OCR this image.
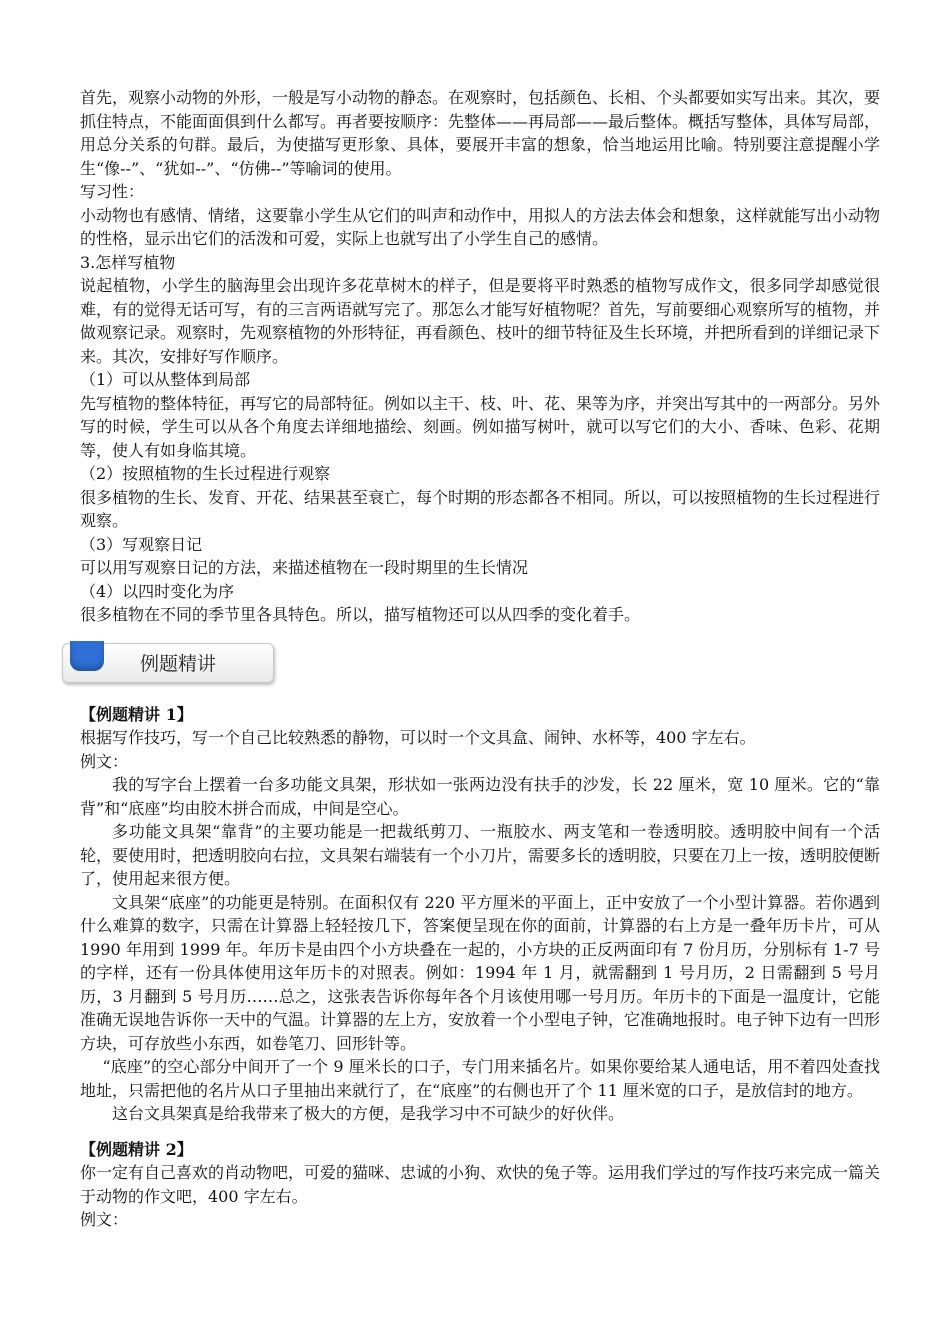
首先，观察小动物的外形，一般是写小动物的静态。在观察时，包括颜色、长相、个头都要如实写出来。其次，要抓住特点，不能面面俱到什么都写。再者要按顺序：先整体——再局部——最后整体。概括写整体，具体写局部，用总分关系的句群。最后，为使描写更形象、具体，要展开丰富的想象，恰当地运用比喻。特别要注意提醒小学生“像--”、“犹如--”、“仿佛--”等喻词的使用。

写习性：

小动物也有感情、情绪，这要靠小学生从它们的叫声和动作中，用拟人的方法去体会和想象，这样就能写出小动物的性格，显示出它们的活泼和可爱，实际上也就写出了小学生自己的感情。

3.怎样写植物

说起植物，小学生的脑海里会出现许多花草树木的样子，但是要将平时熟悉的植物写成作文，很多同学却感觉很难，有的觉得无话可写，有的三言两语就写完了。那怎么才能写好植物呢？首先，写前要细心观察所写的植物，并做观察记录。观察时，先观察植物的外形特征，再看颜色、枝叶的细节特征及生长环境，并把所看到的详细记录下来。其次，安排好写作顺序。

（1）可以从整体到局部

先写植物的整体特征，再写它的局部特征。例如以主干、枝、叶、花、果等为序，并突出写其中的一两部分。另外写的时候，学生可以从各个角度去详细地描绘、刻画。例如描写树叶，就可以写它们的大小、香味、色彩、花期等，使人有如身临其境。

（2）按照植物的生长过程进行观察

很多植物的生长、发育、开花、结果甚至衰亡，每个时期的形态都各不相同。所以，可以按照植物的生长过程进行观察。

（3）写观察日记

可以用写观察日记的方法，来描述植物在一段时期里的生长情况

（4）以四时变化为序

很多植物在不同的季节里各具特色。所以，描写植物还可以从四季的变化着手。

例题精讲

【例题精讲 1】

根据写作技巧，写一个自己比较熟悉的静物，可以时一个文具盒、闹钟、水杯等，400 字左右。

例文：

我的写字台上摆着一台多功能文具架，形状如一张两边没有扶手的沙发，长 22 厘米，宽 10 厘米。它的“靠背”和“底座”均由胶木拼合而成，中间是空心。

多功能文具架“靠背”的主要功能是一把裁纸剪刀、一瓶胶水、两支笔和一卷透明胶。透明胶中间有一个活轮，要使用时，把透明胶向右拉，文具架右端装有一个小刀片，需要多长的透明胶，只要在刀上一按，透明胶便断了，使用起来很方便。

文具架“底座”的功能更是特别。在面积仅有 220 平方厘米的平面上，正中安放了一个小型计算器。若你遇到什么难算的数字，只需在计算器上轻轻按几下，答案便呈现在你的面前，计算器的右上方是一叠年历卡片，可从 1990 年用到 1999 年。年历卡是由四个小方块叠在一起的，小方块的正反两面印有 7 份月历，分别标有 1-7 号的字样，还有一份具体使用这年历卡的对照表。例如：1994 年 1 月，就需翻到 1 号月历，2 日需翻到 5 号月历，3 月翻到 5 号月历……总之，这张表告诉你每年各个月该使用哪一号月历。年历卡的下面是一温度计，它能准确无误地告诉你一天中的气温。计算器的左上方，安放着一个小型电子钟，它准确地报时。电子钟下边有一凹形方块，可存放些小东西，如卷笔刀、回形针等。

“底座”的空心部分中间开了一个 9 厘米长的口子，专门用来插名片。如果你要给某人通电话，用不着四处查找地址，只需把他的名片从口子里抽出来就行了，在“底座”的右侧也开了个 11 厘米宽的口子，是放信封的地方。

这台文具架真是给我带来了极大的方便，是我学习中不可缺少的好伙伴。

【例题精讲 2】

你一定有自己喜欢的肖动物吧，可爱的猫咪、忠诚的小狗、欢快的兔子等。运用我们学过的写作技巧来完成一篇关于动物的作文吧，400 字左右。

例文：
